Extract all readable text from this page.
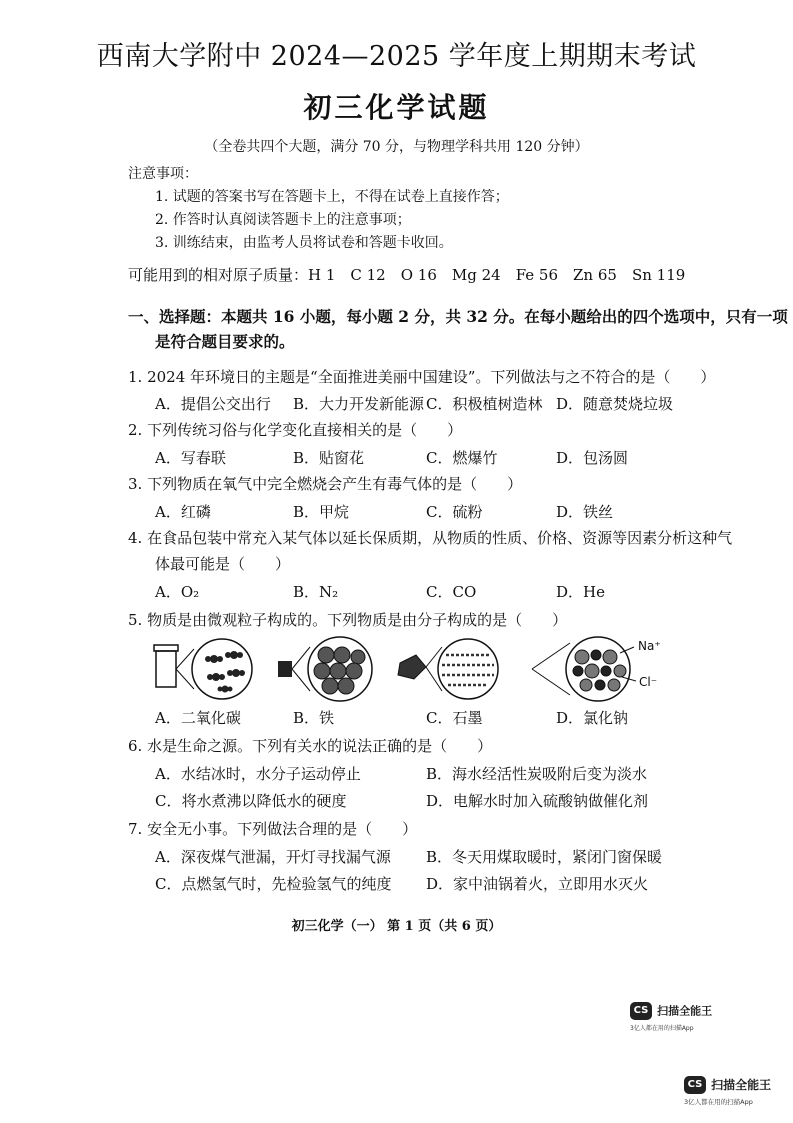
西南大学附中 2024—2025 学年度上期期末考试
初三化学试题
（全卷共四个大题，满分 70 分，与物理学科共用 120 分钟）
注意事项：
1. 试题的答案书写在答题卡上，不得在试卷上直接作答；
2. 作答时认真阅读答题卡上的注意事项；
3. 训练结束，由监考人员将试卷和答题卡收回。
可能用到的相对原子质量：H 1　C 12　O 16　Mg 24　Fe 56　Zn 65　Sn 119
一、选择题：本题共 16 小题，每小题 2 分，共 32 分。在每小题给出的四个选项中，只有一项
是符合题目要求的。
1. 2024 年环境日的主题是“全面推进美丽中国建设”。下列做法与之不符合的是（　　）
A．提倡公交出行 B．大力开发新能源 C．积极植树造林 D．随意焚烧垃圾
2. 下列传统习俗与化学变化直接相关的是（　　）
A．写春联	B．贴窗花	C．燃爆竹	D．包汤圆
3. 下列物质在氧气中完全燃烧会产生有毒气体的是（　　）
A．红磷	B．甲烷	C．硫粉	D．铁丝
4. 在食品包装中常充入某气体以延长保质期，从物质的性质、价格、资源等因素分析这种气
体最可能是（　　）
A．O₂	B．N₂	C．CO	D．He
5. 物质是由微观粒子构成的。下列物质是由分子构成的是（　　）
Na⁺
Cl⁻
A．二氧化碳	B．铁	C．石墨	D．氯化钠
6. 水是生命之源。下列有关水的说法正确的是（　　）
A．水结冰时，水分子运动停止	B．海水经活性炭吸附后变为淡水
C．将水煮沸以降低水的硬度	D．电解水时加入硫酸钠做催化剂
7. 安全无小事。下列做法合理的是（　　）
A．深夜煤气泄漏，开灯寻找漏气源 B．冬天用煤取暖时，紧闭门窗保暖
C．点燃氢气时，先检验氢气的纯度 D．家中油锅着火，立即用水灭火
初三化学（一） 第 1 页（共 6 页）
CS 扫描全能王
3亿人都在用的扫描App
CS 扫描全能王
3亿人都在用的扫描App
